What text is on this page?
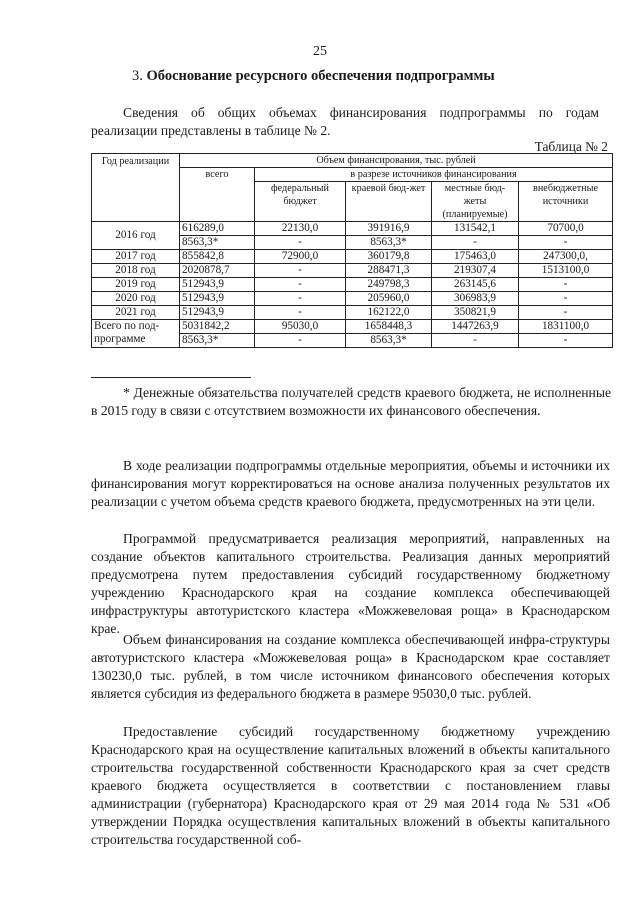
25
3. Обоснование ресурсного обеспечения подпрограммы

Сведения об общих объемах финансирования подпрограммы по годам реализации представлены в таблице № 2.

Таблица № 2
Год реализации	Объем финансирования, тыс. рублей				
	всего	в разрезе источников финансирования			
		федеральный бюджет	краевой бюд-жет	местные бюд-жеты (планируемые)	внебюджетные источники
2016 год	616289,0	22130,0	391916,9	131542,1	70700,0
	8563,3*	-	8563,3*	-	-
2017 год	855842,8	72900,0	360179,8	175463,0	247300,0,
2018 год	2020878,7	-	288471,3	219307,4	1513100,0
2019 год	512943,9	-	249798,3	263145,6	-
2020 год	512943,9	-	205960,0	306983,9	-
2021 год	512943,9	-	162122,0	350821,9	-
Всего по под-программе	5031842,2	95030,0	1658448,3	1447263,9	1831100,0
	8563,3*	-	8563,3*	-	-

* Денежные обязательства получателей средств краевого бюджета, не исполненные в 2015 году в связи с отсутствием возможности их финансового обеспечения.

В ходе реализации подпрограммы отдельные мероприятия, объемы и источники их финансирования могут корректироваться на основе анализа полученных результатов их реализации с учетом объема средств краевого бюджета, предусмотренных на эти цели.

Программой предусматривается реализация мероприятий, направленных на создание объектов капитального строительства. Реализация данных мероприятий предусмотрена путем предоставления субсидий государственному бюджетному учреждению Краснодарского края на создание комплекса обеспечивающей инфраструктуры автотуристского кластера «Можжевеловая роща» в Краснодарском крае.

Объем финансирования на создание комплекса обеспечивающей инфра-структуры автотуристского кластера «Можжевеловая роща» в Краснодарском крае составляет 130230,0 тыс. рублей, в том числе источником финансового обеспечения которых является субсидия из федерального бюджета в размере 95030,0 тыс. рублей.

Предоставление субсидий государственному бюджетному учреждению Краснодарского края на осуществление капитальных вложений в объекты капитального строительства государственной собственности Краснодарского края за счет средств краевого бюджета осуществляется в соответствии с постановлением главы администрации (губернатора) Краснодарского края от 29 мая 2014 года № 531 «Об утверждении Порядка осуществления капитальных вложений в объекты капитального строительства государственной соб-
